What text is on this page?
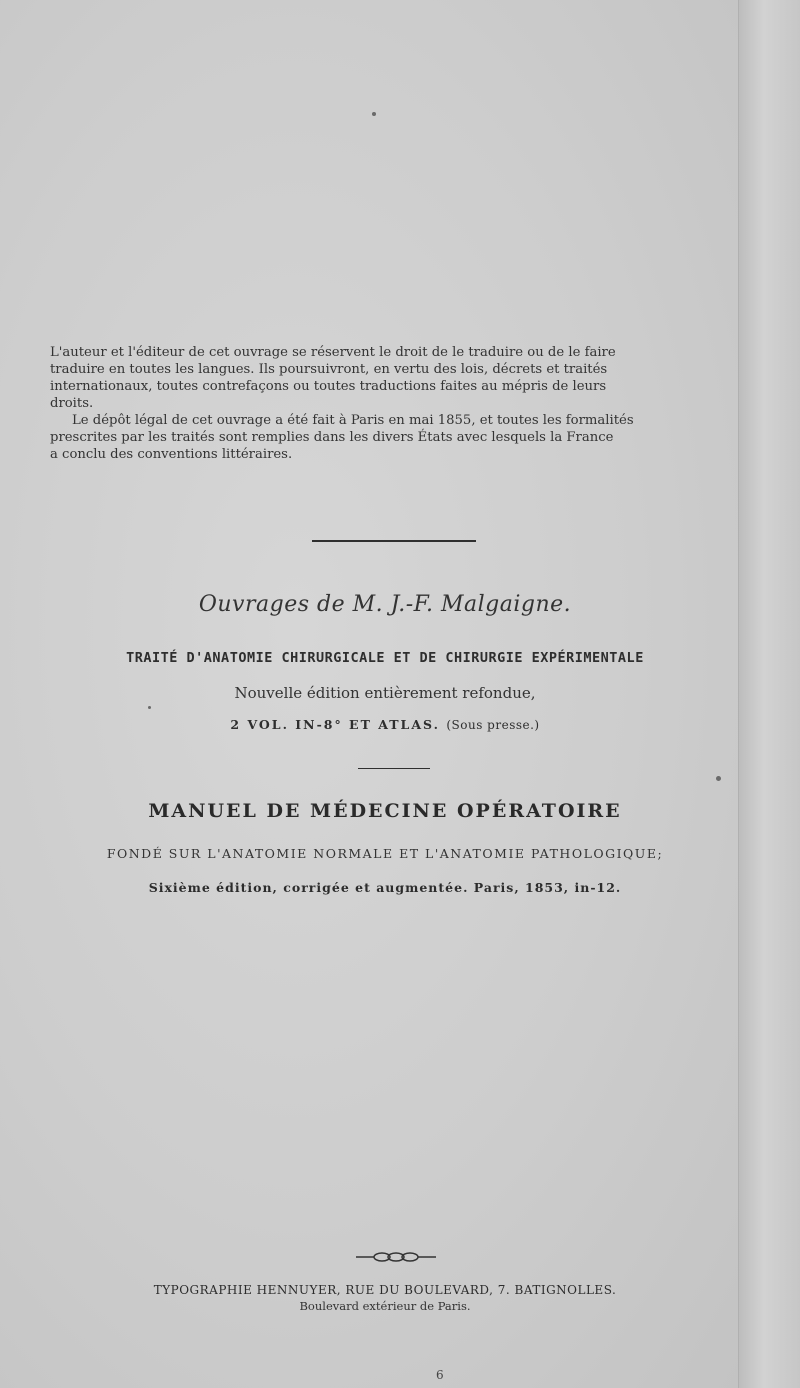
L'auteur et l'éditeur de cet ouvrage se réservent le droit de le traduire ou de le faire

traduire en toutes les langues. Ils poursuivront, en vertu des lois, décrets et traités

internationaux, toutes contrefaçons ou toutes traductions faites au mépris de leurs

droits.

Le dépôt légal de cet ouvrage a été fait à Paris en mai 1855, et toutes les formalités

prescrites par les traités sont remplies dans les divers États avec lesquels la France

a conclu des conventions littéraires.

Ouvrages de M. J.-F. Malgaigne.
TRAITÉ D'ANATOMIE CHIRURGICALE ET DE CHIRURGIE EXPÉRIMENTALE
Nouvelle édition entièrement refondue,
2 VOL. IN-8° ET ATLAS. (Sous presse.)
MANUEL DE MÉDECINE OPÉRATOIRE
FONDÉ SUR L'ANATOMIE NORMALE ET L'ANATOMIE PATHOLOGIQUE;
Sixième édition, corrigée et augmentée. Paris, 1853, in-12.
TYPOGRAPHIE HENNUYER, RUE DU BOULEVARD, 7. BATIGNOLLES.
Boulevard extérieur de Paris.
6
